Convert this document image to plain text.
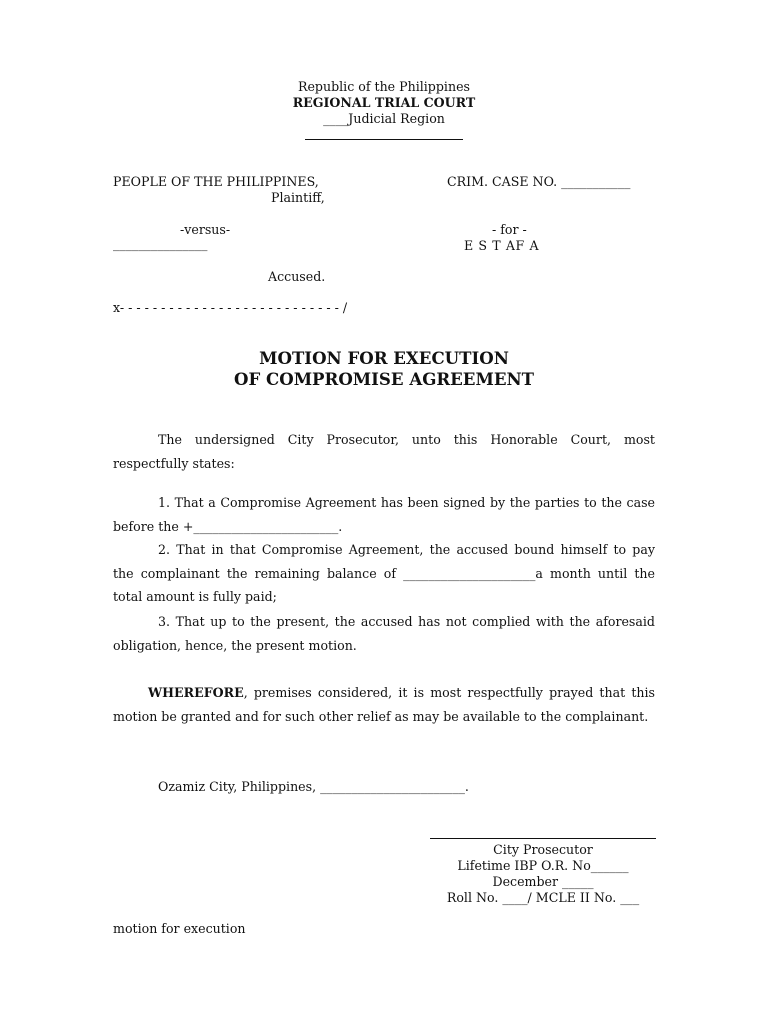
Republic of the Philippines
REGIONAL TRIAL COURT
____Judicial Region
PEOPLE OF THE PHILIPPINES,	CRIM. CASE NO. ___________
Plaintiff,
-versus-	- for -
_______________	E S T AF A
Accused.
x- - - - - - - - - - - - - - - - - - - - - - - - - - - /
MOTION FOR EXECUTION
OF COMPROMISE AGREEMENT

The undersigned City Prosecutor, unto this Honorable Court, most respectfully states:

1. That a Compromise Agreement has been signed by the parties to the case before the +_______________________.

2. That in that Compromise Agreement, the accused bound himself to pay the complainant the remaining balance of _____________________a month until the total amount is fully paid;

3. That up to the present, the accused has not complied with the aforesaid obligation, hence, the present motion.

WHEREFORE, premises considered, it is most respectfully prayed that this motion be granted and for such other relief as may be available to the complainant.

Ozamiz City, Philippines, _______________________.
City Prosecutor
Lifetime IBP O.R. No______
December _____
Roll No. ____/ MCLE II No. ___
motion for execution
